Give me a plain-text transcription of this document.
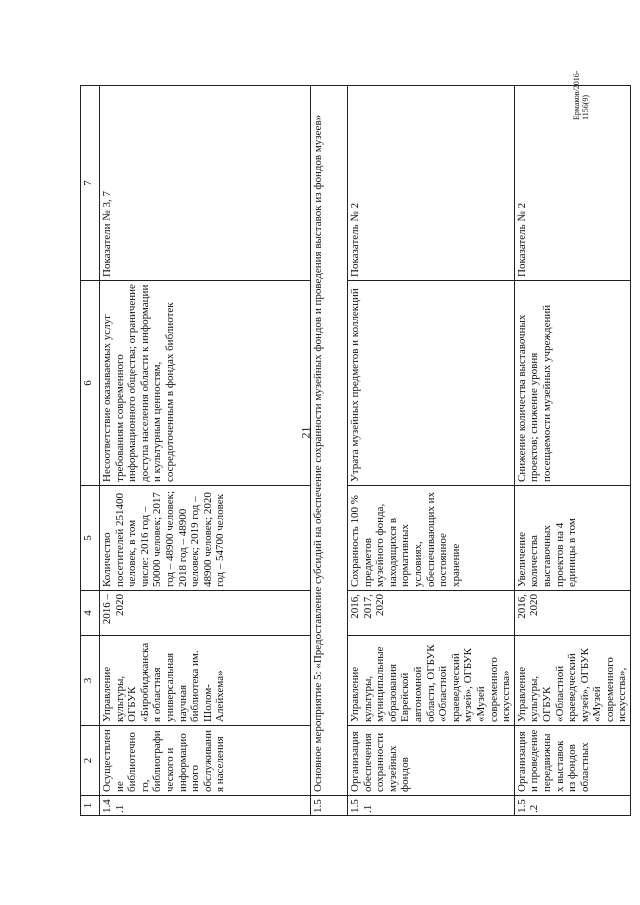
21
1	2	3	4	5	6	7
1.4.1	Осуществление библиотечного, библиографического и информационного обслуживания населения	Управление культуры, ОГБУК «Биробиджанская областная универсальная научная библиотека им. Шолом-Алейхема»	2016 – 2020	Количество посетителей 251400 человек, в том числе: 2016 год – 50000 человек; 2017 год – 48900 человек; 2018 год – 48900 человек; 2019 год – 48900 человек; 2020 год – 54700 человек	Несоответствие оказываемых услуг требованиям современного информационного общества; ограничение доступа населения области к информации и культурным ценностям, сосредоточенным в фондах библиотек	Показатели № 3, 7
1.5	Основное мероприятие 5: «Предоставление субсидий на обеспечение сохранности музейных фондов и проведения выставок из фондов музеев»					
1.5.1	Организация обеспечения сохранности музейных фондов	Управление культуры, муниципальные образования Еврейской автономной области, ОГБУК «Областной краеведческий музей», ОГБУК «Музей современного искусства»	2016, 2017, 2020	Сохранность 100 % предметов музейного фонда, находящихся в нормативных условиях, обеспечивающих их постоянное хранение	Утрата музейных предметов и коллекций	Показатель № 2
1.5.2	Организация и проведение передвижных выставок из фондов областных	Управление культуры, ОГБУК «Областной краеведческий музей», ОГБУК «Музей современного искусства»,	2016, 2020	Увеличение количества выставочных проектов на 4 единицы в том	Снижение количества выставочных проектов; снижение уровня посещаемости музейных учреждений	Показатель № 2
Ермаков/2016-1156(9)
